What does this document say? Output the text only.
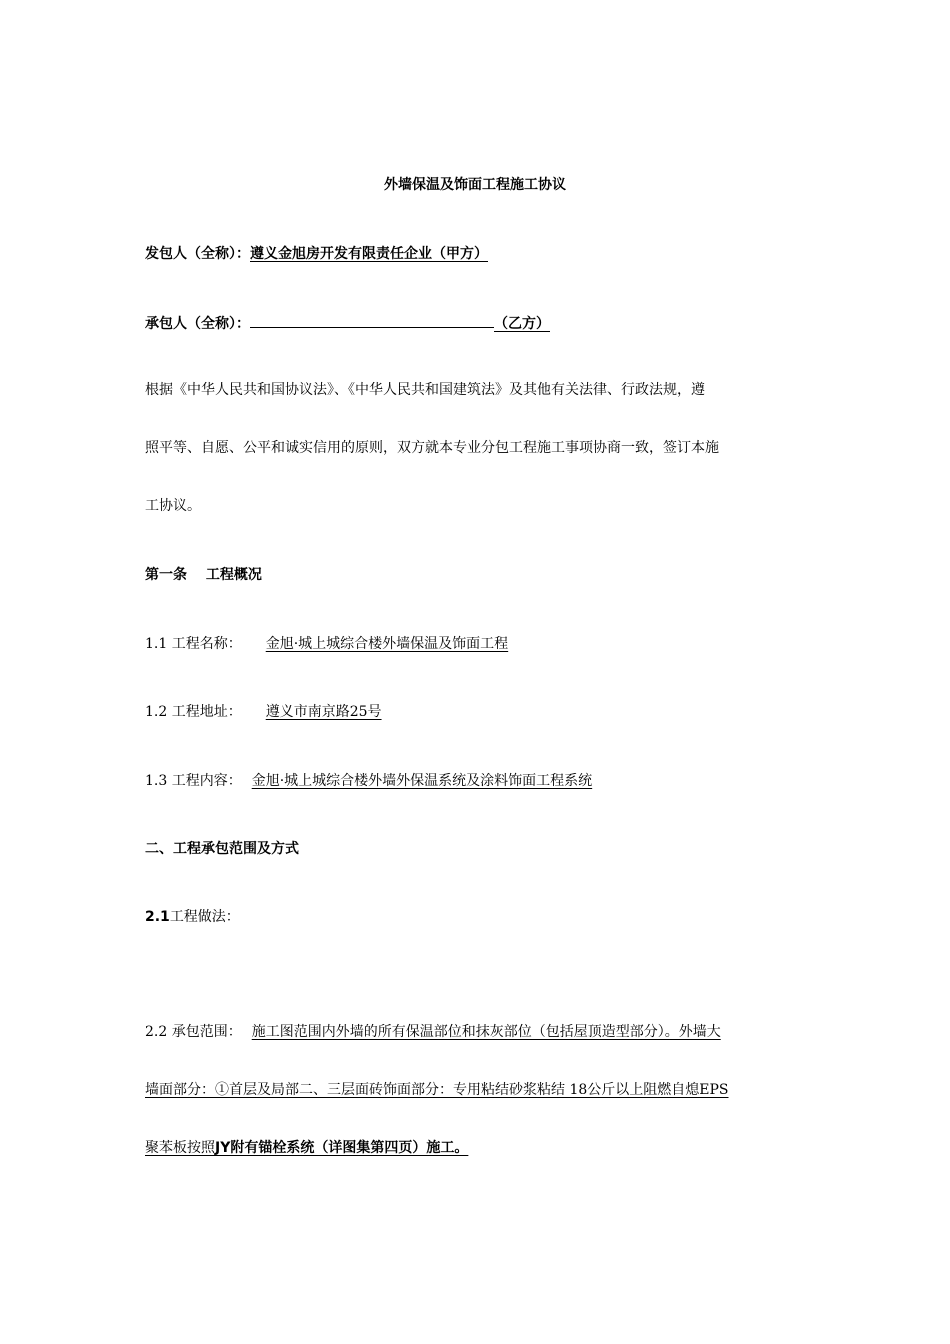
外墙保温及饰面工程施工协议
发包人（全称）：遵义金旭房开发有限责任企业（甲方）
承包人（全称）：	（乙方）
根据《中华人民共和国协议法》、《中华人民共和国建筑法》及其他有关法律、行政法规，遵
照平等、自愿、公平和诚实信用的原则，双方就本专业分包工程施工事项协商一致，签订本施
工协议。
第一条　 工程概况
1.1 工程名称： 金旭·城上城综合楼外墙保温及饰面工程
1.2 工程地址： 遵义市南京路25号
1.3 工程内容： 金旭·城上城综合楼外墙外保温系统及涂料饰面工程系统
二、工程承包范围及方式
2.1工程做法：
2.2 承包范围： 施工图范围内外墙的所有保温部位和抹灰部位（包括屋顶造型部分）。外墙大
墙面部分：①首层及局部二、三层面砖饰面部分：专用粘结砂浆粘结 18公斤以上阻燃自熄EPS
聚苯板按照JY附有锚栓系统（详图集第四页）施工。
